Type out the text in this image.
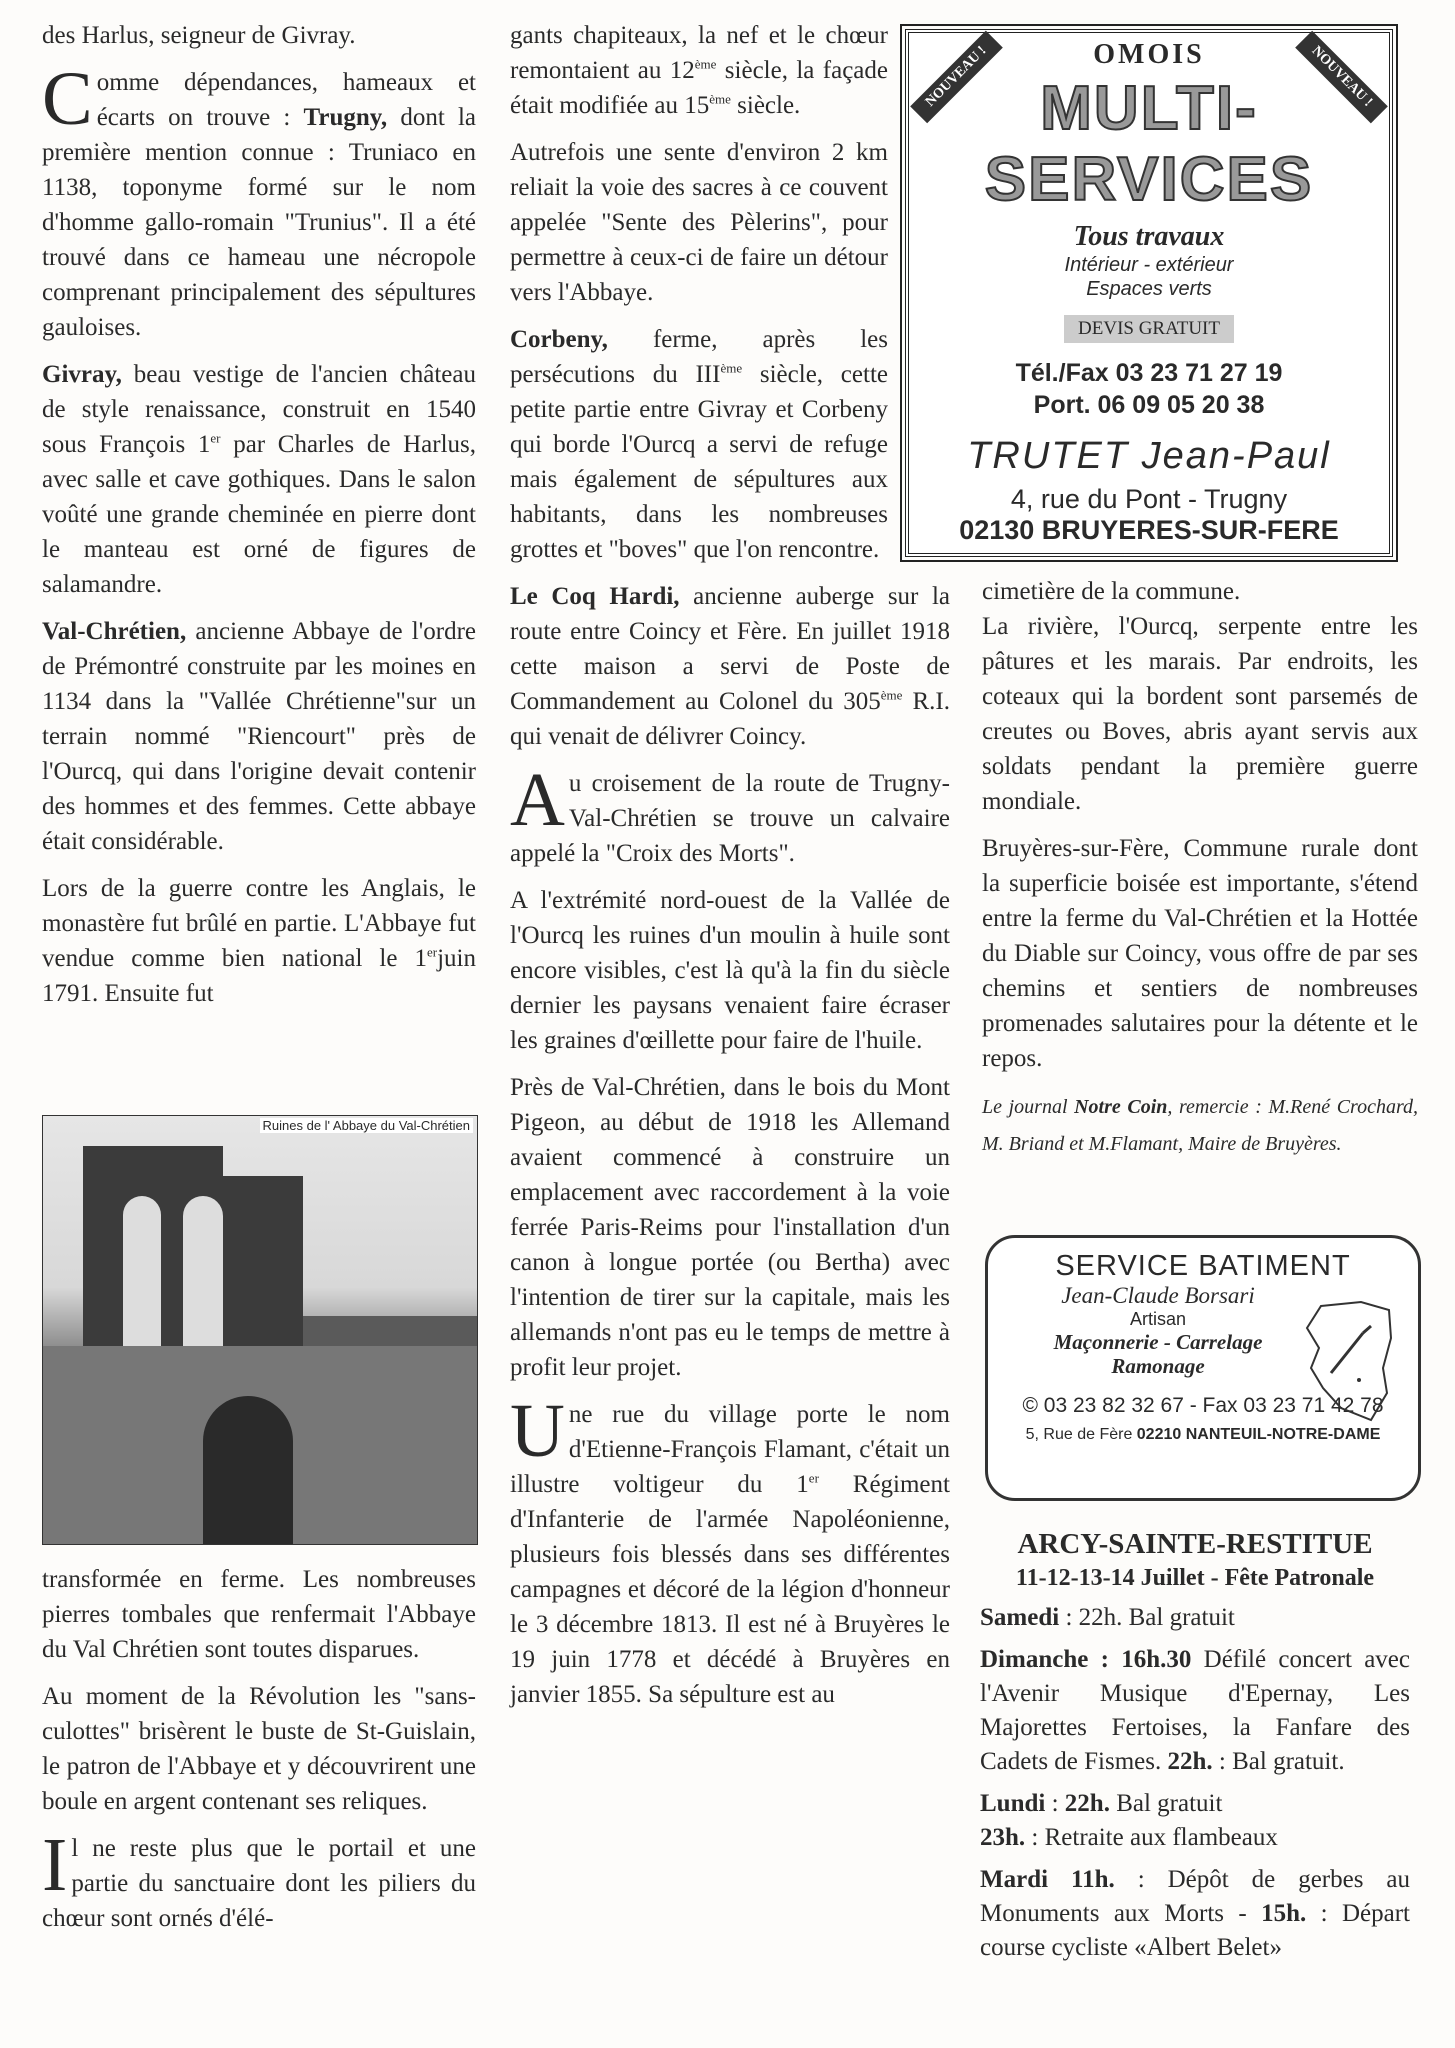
des Harlus, seigneur de Givray.

Comme dépendances, hameaux et écarts on trouve : Trugny, dont la première mention connue : Truniaco en 1138, toponyme formé sur le nom d'homme gallo-romain "Trunius". Il a été trouvé dans ce hameau une nécropole comprenant principalement des sépultures gauloises.

Givray, beau vestige de l'ancien château de style renaissance, construit en 1540 sous François 1er par Charles de Harlus, avec salle et cave gothiques. Dans le salon voûté une grande cheminée en pierre dont le manteau est orné de figures de salamandre.

Val-Chrétien, ancienne Abbaye de l'ordre de Prémontré construite par les moines en 1134 dans la "Vallée Chrétienne"sur un terrain nommé "Riencourt" près de l'Ourcq, qui dans l'origine devait contenir des hommes et des femmes. Cette abbaye était considérable.

Lors de la guerre contre les Anglais, le monastère fut brûlé en partie. L'Abbaye fut vendue comme bien national le 1erjuin 1791. Ensuite fut

Ruines de l' Abbaye du Val-Chrétien

transformée en ferme. Les nombreuses pierres tombales que renfermait l'Abbaye du Val Chrétien sont toutes disparues.

Au moment de la Révolution les "sans-culottes" brisèrent le buste de St-Guislain, le patron de l'Abbaye et y découvrirent une boule en argent contenant ses reliques.

Il ne reste plus que le portail et une partie du sanctuaire dont les piliers du chœur sont ornés d'élé-

gants chapiteaux, la nef et le chœur remontaient au 12ème siècle, la façade était modifiée au 15ème siècle.

Autrefois une sente d'environ 2 km reliait la voie des sacres à ce couvent appelée "Sente des Pèlerins", pour permettre à ceux-ci de faire un détour vers l'Abbaye.

Corbeny, ferme, après les persécutions du IIIème siècle, cette petite partie entre Givray et Corbeny qui borde l'Ourcq a servi de refuge mais également de sépultures aux habitants, dans les nombreuses grottes et "boves" que l'on rencontre.

Le Coq Hardi, ancienne auberge sur la route entre Coincy et Fère. En juillet 1918 cette maison a servi de Poste de Commandement au Colonel du 305ème R.I. qui venait de délivrer Coincy.

Au croisement de la route de Trugny-Val-Chrétien se trouve un calvaire appelé la "Croix des Morts".

A l'extrémité nord-ouest de la Vallée de l'Ourcq les ruines d'un moulin à huile sont encore visibles, c'est là qu'à la fin du siècle dernier les paysans venaient faire écraser les graines d'œillette pour faire de l'huile.

Près de Val-Chrétien, dans le bois du Mont Pigeon, au début de 1918 les Allemand avaient commencé à construire un emplacement avec raccordement à la voie ferrée Paris-Reims pour l'installation d'un canon à longue portée (ou Bertha) avec l'intention de tirer sur la capitale, mais les allemands n'ont pas eu le temps de mettre à profit leur projet.

Une rue du village porte le nom d'Etienne-François Flamant, c'était un illustre voltigeur du 1er Régiment d'Infanterie de l'armée Napoléonienne, plusieurs fois blessés dans ses différentes campagnes et décoré de la légion d'honneur le 3 décembre 1813. Il est né à Bruyères le 19 juin 1778 et décédé à Bruyères en janvier 1855. Sa sépulture est au

NOUVEAU !	NOUVEAU !
OMOIS
MULTI-SERVICES
Tous travaux
Intérieur - extérieur
Espaces verts
DEVIS GRATUIT
Tél./Fax 03 23 71 27 19
Port. 06 09 05 20 38
TRUTET Jean-Paul
4, rue du Pont - Trugny
02130 BRUYERES-SUR-FERE

cimetière de la commune.
La rivière, l'Ourcq, serpente entre les pâtures et les marais. Par endroits, les coteaux qui la bordent sont parsemés de creutes ou Boves, abris ayant servis aux soldats pendant la première guerre mondiale.

Bruyères-sur-Fère, Commune rurale dont la superficie boisée est importante, s'étend entre la ferme du Val-Chrétien et la Hottée du Diable sur Coincy, vous offre de par ses chemins et sentiers de nombreuses promenades salutaires pour la détente et le repos.

Le journal Notre Coin, remercie : M.René Crochard, M. Briand et M.Flamant, Maire de Bruyères.

SERVICE BATIMENT
Jean-Claude Borsari
Artisan
Maçonnerie - Carrelage
Ramonage
© 03 23 82 32 67 - Fax 03 23 71 42 78
5, Rue de Fère 02210 NANTEUIL-NOTRE-DAME
ARCY-SAINTE-RESTITUE
11-12-13-14 Juillet - Fête Patronale

Samedi : 22h. Bal gratuit

Dimanche : 16h.30 Défilé concert avec l'Avenir Musique d'Epernay, Les Majorettes Fertoises, la Fanfare des Cadets de Fismes. 22h. : Bal gratuit.

Lundi : 22h. Bal gratuit
23h. : Retraite aux flambeaux

Mardi 11h. : Dépôt de gerbes au Monuments aux Morts - 15h. : Départ course cycliste «Albert Belet»
